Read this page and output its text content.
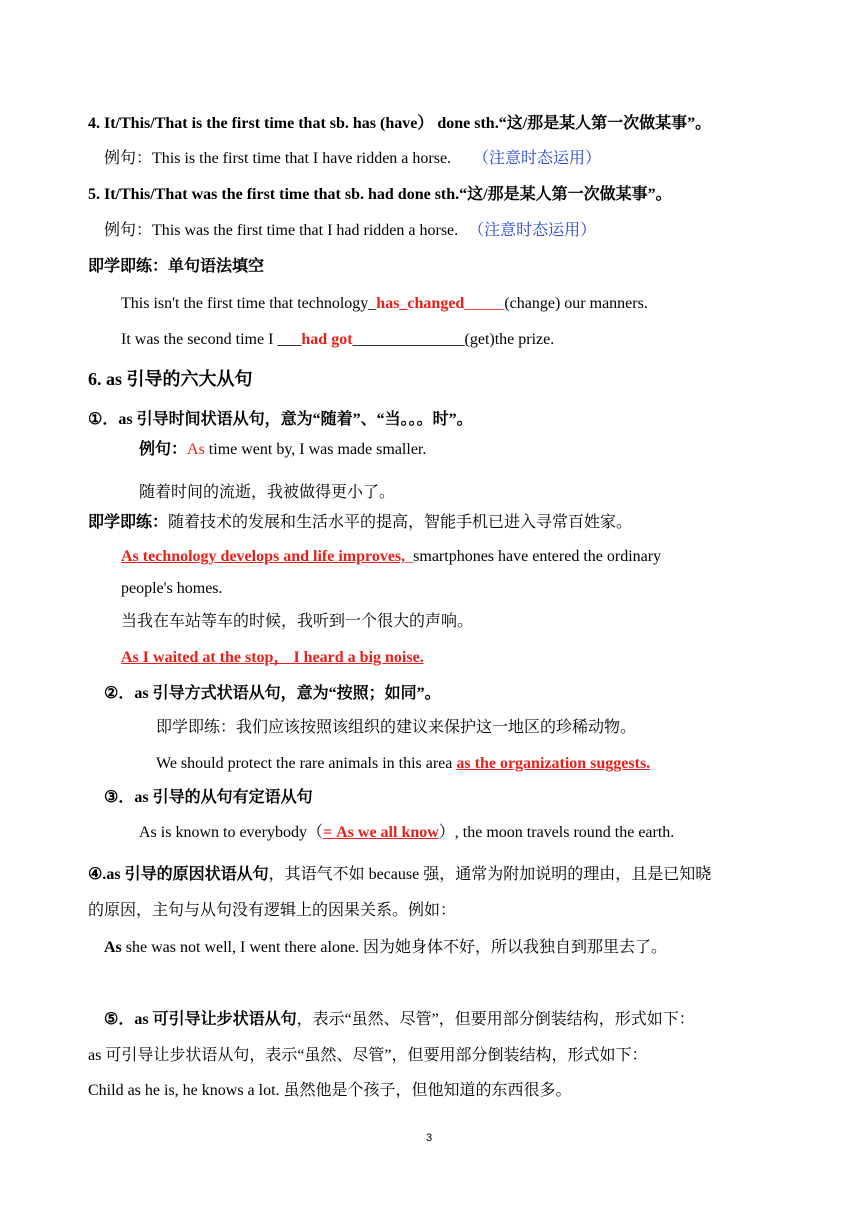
4. It/This/That is the first time that sb. has (have） done sth.“这/那是某人第一次做某事”。
例句：This is the first time that I have ridden a horse. （注意时态运用）
5. It/This/That was the first time that sb. had done sth.“这/那是某人第一次做某事”。
例句：This was the first time that I had ridden a horse. （注意时态运用）
即学即练：单句语法填空
This isn't the first time that technology_has_changed_____(change) our manners.
It was the second time I ___had got______________(get)the prize.
6. as 引导的六大从句
①．as 引导时间状语从句，意为“随着”、“当。。。时”。
例句：As time went by, I was made smaller.
随着时间的流逝，我被做得更小了。
即学即练：随着技术的发展和生活水平的提高，智能手机已进入寻常百姓家。
As technology develops and life improves,_smartphones have entered the ordinary
people's homes.
当我在车站等车的时候，我听到一个很大的声响。
As I waited at the stop， I heard a big noise.
②．as 引导方式状语从句，意为“按照；如同”。
即学即练：我们应该按照该组织的建议来保护这一地区的珍稀动物。
We should protect the rare animals in this area as the organization suggests.
③．as 引导的从句有定语从句
As is known to everybody（= As we all know）, the moon travels round the earth.
④.as 引导的原因状语从句，其语气不如 because 强，通常为附加说明的理由，且是已知晓
的原因，主句与从句没有逻辑上的因果关系。例如：
As she was not well, I went there alone. 因为她身体不好，所以我独自到那里去了。
⑤．as 可引导让步状语从句，表示“虽然、尽管”，但要用部分倒装结构，形式如下：
as 可引导让步状语从句，表示“虽然、尽管”，但要用部分倒装结构，形式如下：
Child as he is, he knows a lot. 虽然他是个孩子，但他知道的东西很多。
3
